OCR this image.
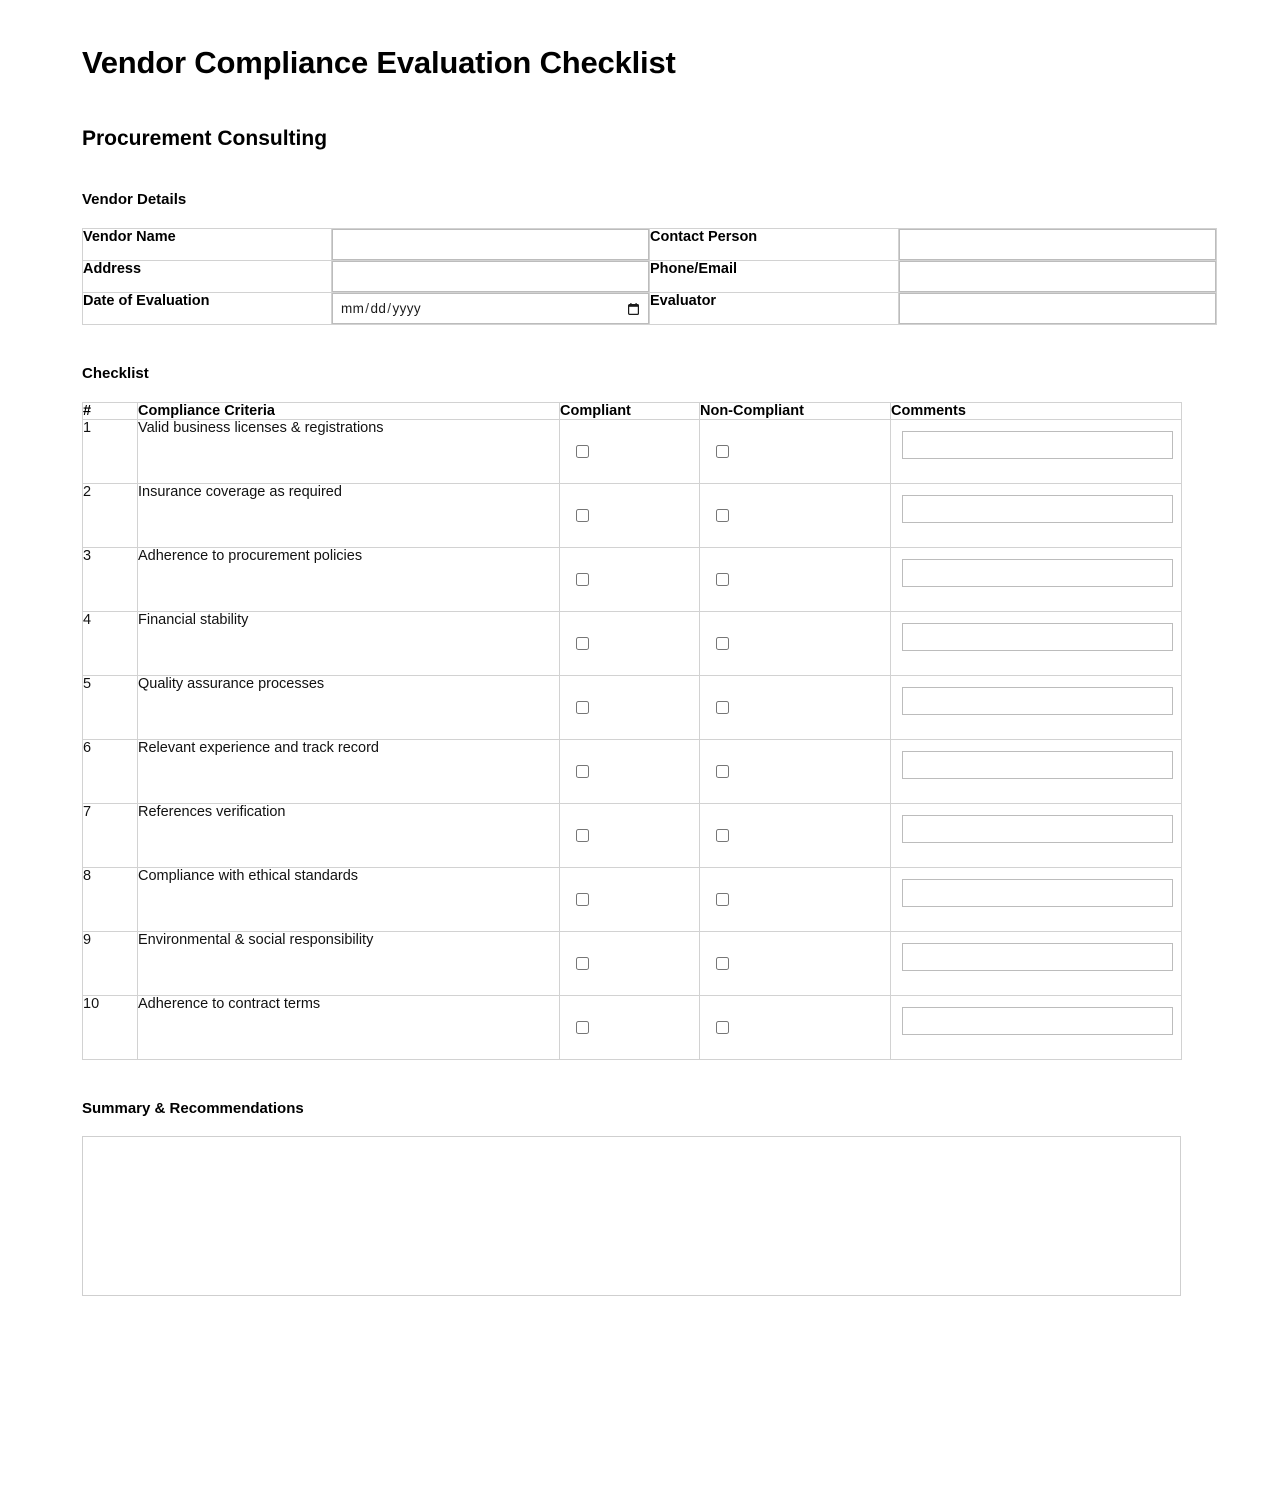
Vendor Compliance Evaluation Checklist
Procurement Consulting
Vendor Details
Vendor Name		Contact Person	

Address		Phone/Email	

Date of Evaluation	mm/dd/yyyy	Evaluator	
Checklist
#	Compliance Criteria	Compliant	Non-Compliant	Comments
1	Valid business licenses & registrations			

2	Insurance coverage as required			

3	Adherence to procurement policies			

4	Financial stability			

5	Quality assurance processes			

6	Relevant experience and track record			

7	References verification			

8	Compliance with ethical standards			

9	Environmental & social responsibility			

10	Adherence to contract terms			
Summary & Recommendations
